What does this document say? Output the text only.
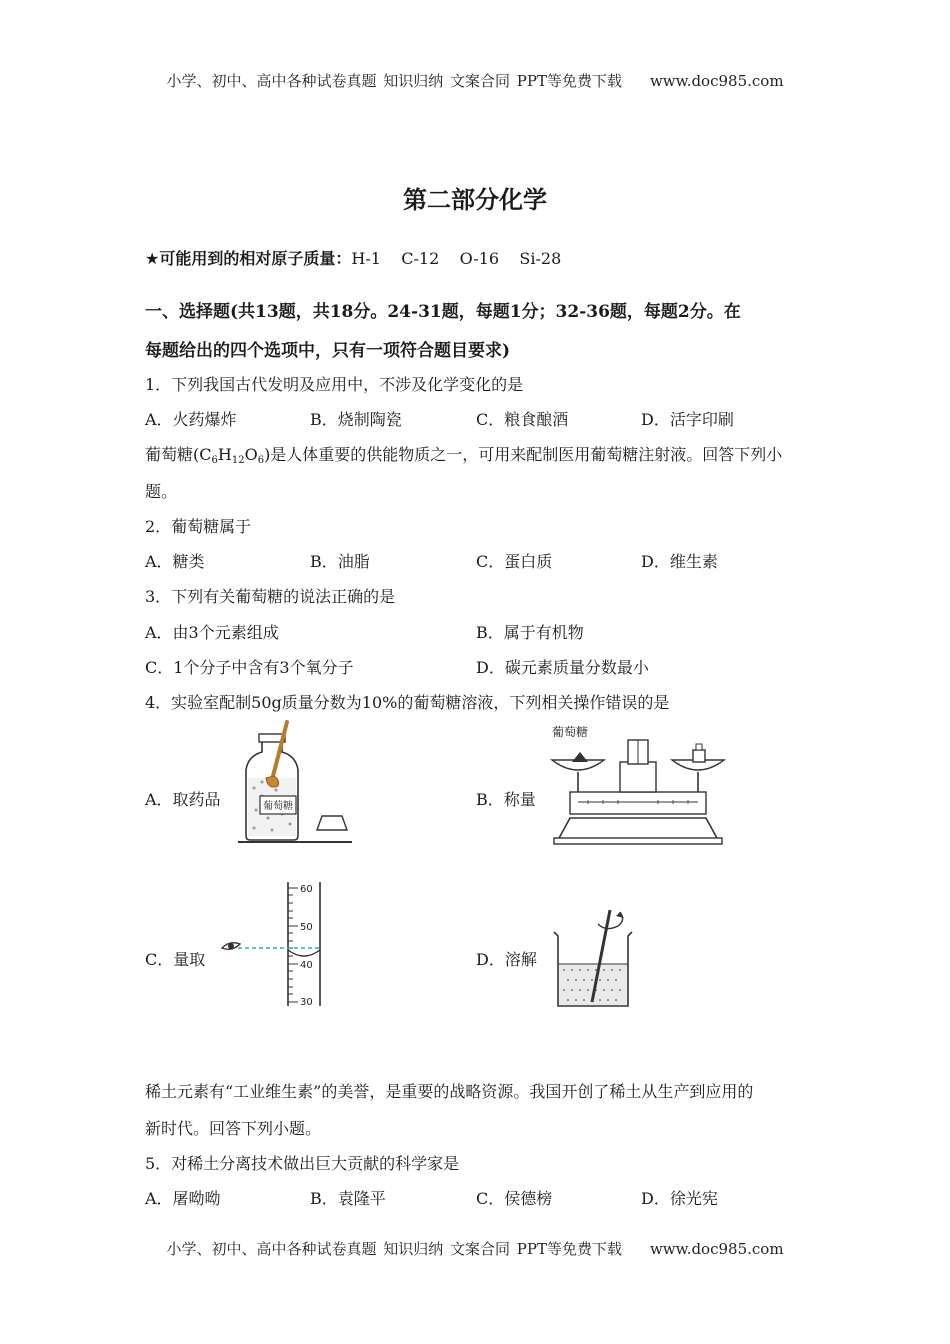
小学、初中、高中各种试卷真题 知识归纳 文案合同 PPT等免费下载 www.doc985.com
第二部分化学
★可能用到的相对原子质量：H-1    C-12    O-16    Si-28
一、选择题(共13题，共18分。24-31题，每题1分；32-36题，每题2分。在
每题给出的四个选项中，只有一项符合题目要求)
1．下列我国古代发明及应用中，不涉及化学变化的是
A．火药爆炸	B．烧制陶瓷	C．粮食酿酒	D．活字印刷
葡萄糖$(C_6H_{12}O_6)$是人体重要的供能物质之一，可用来配制医用葡萄糖注射液。回答下列小
题。
2．葡萄糖属于
A．糖类	B．油脂	C．蛋白质	D．维生素
3．下列有关葡萄糖的说法正确的是
A．由3个元素组成	B．属于有机物
C．1个分子中含有3个氧分子	D．碳元素质量分数最小
4．实验室配制50g质量分数为10%的葡萄糖溶液，下列相关操作错误的是
A．取药品	B．称量
C．量取	D．溶解
葡萄糖
葡萄糖
60
50
40
30
稀土元素有“工业维生素”的美誉，是重要的战略资源。我国开创了稀土从生产到应用的
新时代。回答下列小题。
5．对稀土分离技术做出巨大贡献的科学家是
A．屠呦呦	B．袁隆平	C．侯德榜	D．徐光宪
小学、初中、高中各种试卷真题 知识归纳 文案合同 PPT等免费下载 www.doc985.com
